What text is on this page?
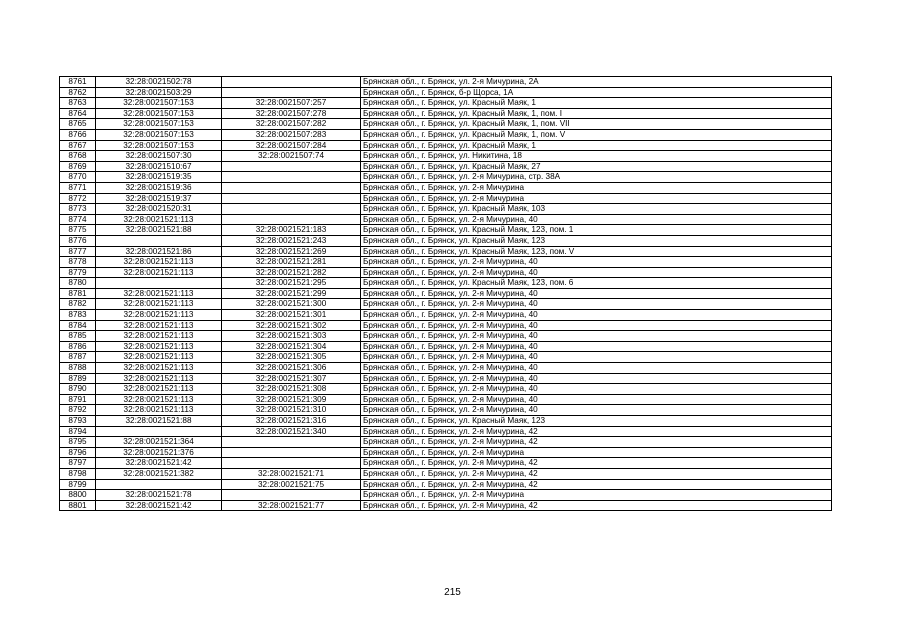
8761	32:28:0021502:78		Брянская обл., г. Брянск, ул. 2-я Мичурина, 2А
8762	32:28:0021503:29		Брянская обл., г. Брянск, б-р Щорса, 1А
8763	32:28:0021507:153	32:28:0021507:257	Брянская обл., г. Брянск, ул. Красный Маяк, 1
8764	32:28:0021507:153	32:28:0021507:278	Брянская обл., г. Брянск, ул. Красный Маяк, 1, пом. I
8765	32:28:0021507:153	32:28:0021507:282	Брянская обл., г. Брянск, ул. Красный Маяк, 1, пом. VII
8766	32:28:0021507:153	32:28:0021507:283	Брянская обл., г. Брянск, ул. Красный Маяк, 1, пом. V
8767	32:28:0021507:153	32:28:0021507:284	Брянская обл., г. Брянск, ул. Красный Маяк, 1
8768	32:28:0021507:30	32:28:0021507:74	Брянская обл., г. Брянск, ул. Никитина, 18
8769	32:28:0021510:67		Брянская обл., г. Брянск, ул. Красный Маяк, 27
8770	32:28:0021519:35		Брянская обл., г. Брянск, ул. 2-я Мичурина, стр. 38А
8771	32:28:0021519:36		Брянская обл., г. Брянск, ул. 2-я Мичурина
8772	32:28:0021519:37		Брянская обл., г. Брянск, ул. 2-я Мичурина
8773	32:28:0021520:31		Брянская обл., г. Брянск, ул. Красный Маяк, 103
8774	32:28:0021521:113		Брянская обл., г. Брянск, ул. 2-я Мичурина, 40
8775	32:28:0021521:88	32:28:0021521:183	Брянская обл., г. Брянск, ул. Красный Маяк, 123, пом. 1
8776		32:28:0021521:243	Брянская обл., г. Брянск, ул. Красный Маяк, 123
8777	32:28:0021521:86	32:28:0021521:269	Брянская обл., г. Брянск, ул. Красный Маяк, 123, пом. V
8778	32:28:0021521:113	32:28:0021521:281	Брянская обл., г. Брянск, ул. 2-я Мичурина, 40
8779	32:28:0021521:113	32:28:0021521:282	Брянская обл., г. Брянск, ул. 2-я Мичурина, 40
8780		32:28:0021521:295	Брянская обл., г. Брянск, ул. Красный Маяк, 123, пом. 6
8781	32:28:0021521:113	32:28:0021521:299	Брянская обл., г. Брянск, ул. 2-я Мичурина, 40
8782	32:28:0021521:113	32:28:0021521:300	Брянская обл., г. Брянск, ул. 2-я Мичурина, 40
8783	32:28:0021521:113	32:28:0021521:301	Брянская обл., г. Брянск, ул. 2-я Мичурина, 40
8784	32:28:0021521:113	32:28:0021521:302	Брянская обл., г. Брянск, ул. 2-я Мичурина, 40
8785	32:28:0021521:113	32:28:0021521:303	Брянская обл., г. Брянск, ул. 2-я Мичурина, 40
8786	32:28:0021521:113	32:28:0021521:304	Брянская обл., г. Брянск, ул. 2-я Мичурина, 40
8787	32:28:0021521:113	32:28:0021521:305	Брянская обл., г. Брянск, ул. 2-я Мичурина, 40
8788	32:28:0021521:113	32:28:0021521:306	Брянская обл., г. Брянск, ул. 2-я Мичурина, 40
8789	32:28:0021521:113	32:28:0021521:307	Брянская обл., г. Брянск, ул. 2-я Мичурина, 40
8790	32:28:0021521:113	32:28:0021521:308	Брянская обл., г. Брянск, ул. 2-я Мичурина, 40
8791	32:28:0021521:113	32:28:0021521:309	Брянская обл., г. Брянск, ул. 2-я Мичурина, 40
8792	32:28:0021521:113	32:28:0021521:310	Брянская обл., г. Брянск, ул. 2-я Мичурина, 40
8793	32:28:0021521:88	32:28:0021521:316	Брянская обл., г. Брянск, ул. Красный Маяк, 123
8794		32:28:0021521:340	Брянская обл., г. Брянск, ул. 2-я Мичурина, 42
8795	32:28:0021521:364		Брянская обл., г. Брянск, ул. 2-я Мичурина, 42
8796	32:28:0021521:376		Брянская обл., г. Брянск, ул. 2-я Мичурина
8797	32:28:0021521:42		Брянская обл., г. Брянск, ул. 2-я Мичурина, 42
8798	32:28:0021521:382	32:28:0021521:71	Брянская обл., г. Брянск, ул. 2-я Мичурина, 42
8799		32:28:0021521:75	Брянская обл., г. Брянск, ул. 2-я Мичурина, 42
8800	32:28:0021521:78		Брянская обл., г. Брянск, ул. 2-я Мичурина
8801	32:28:0021521:42	32:28:0021521:77	Брянская обл., г. Брянск, ул. 2-я Мичурина, 42
215
